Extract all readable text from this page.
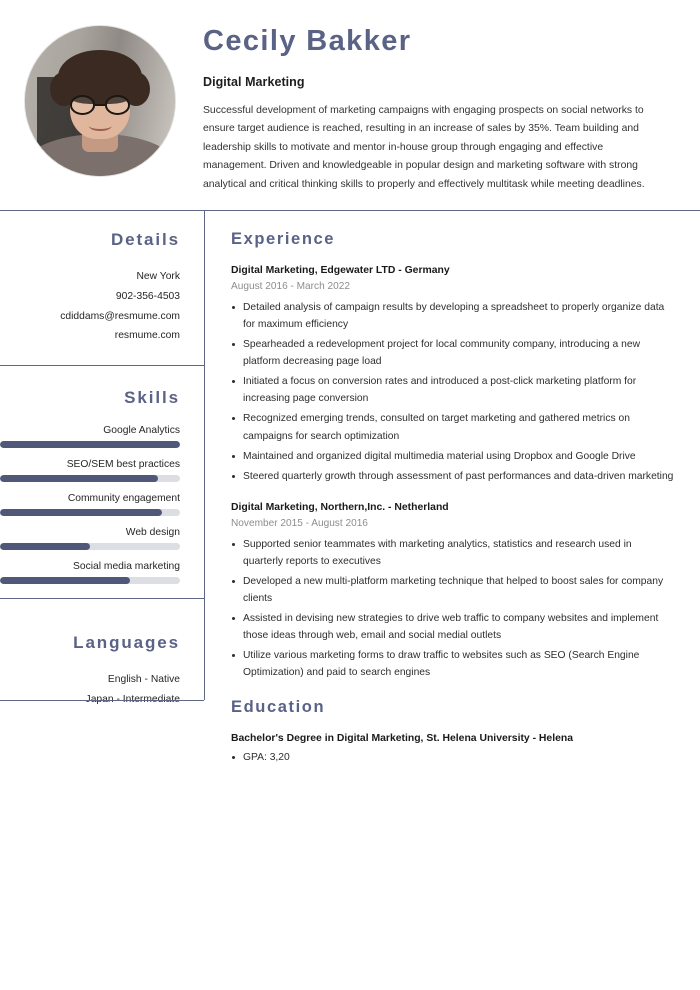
Cecily Bakker
Digital Marketing
Successful development of marketing campaigns with engaging prospects on social networks to ensure target audience is reached, resulting in an increase of sales by 35%. Team building and leadership skills to motivate and mentor in-house group through engaging and effective management. Driven and knowledgeable in popular design and marketing software with strong analytical and critical thinking skills to properly and effectively multitask while meeting deadlines.
Details
New York
902-356-4503
cdiddams@resmume.com
resmume.com
Skills
Google Analytics
SEO/SEM best practices
Community engagement
Web design
Social media marketing
Languages
English - Native
Experience
Digital Marketing, Edgewater LTD - Germany
August 2016 - March 2022
Detailed analysis of campaign results by developing a spreadsheet to properly organize data for maximum efficiency
Spearheaded a redevelopment project for local community company, introducing a new platform decreasing page load
Initiated a focus on conversion rates and introduced a post-click marketing platform for increasing page conversion
Recognized emerging trends, consulted on target marketing and gathered metrics on campaigns for search optimization
Maintained and organized digital multimedia material using Dropbox and Google Drive
Steered quarterly growth through assessment of past performances and data-driven marketing
Digital Marketing, Northern,Inc. - Netherland
November 2015 - August 2016
Supported senior teammates with marketing analytics, statistics and research used in quarterly reports to executives
Developed a new multi-platform marketing technique that helped to boost sales for company clients
Assisted in devising new strategies to drive web traffic to company websites and implement those ideas through web, email and social medial outlets
Utilize various marketing forms to draw traffic to websites such as SEO (Search Engine Optimization) and paid to search engines
Education
Bachelor's Degree in Digital Marketing, St. Helena University - Helena
GPA: 3,20
